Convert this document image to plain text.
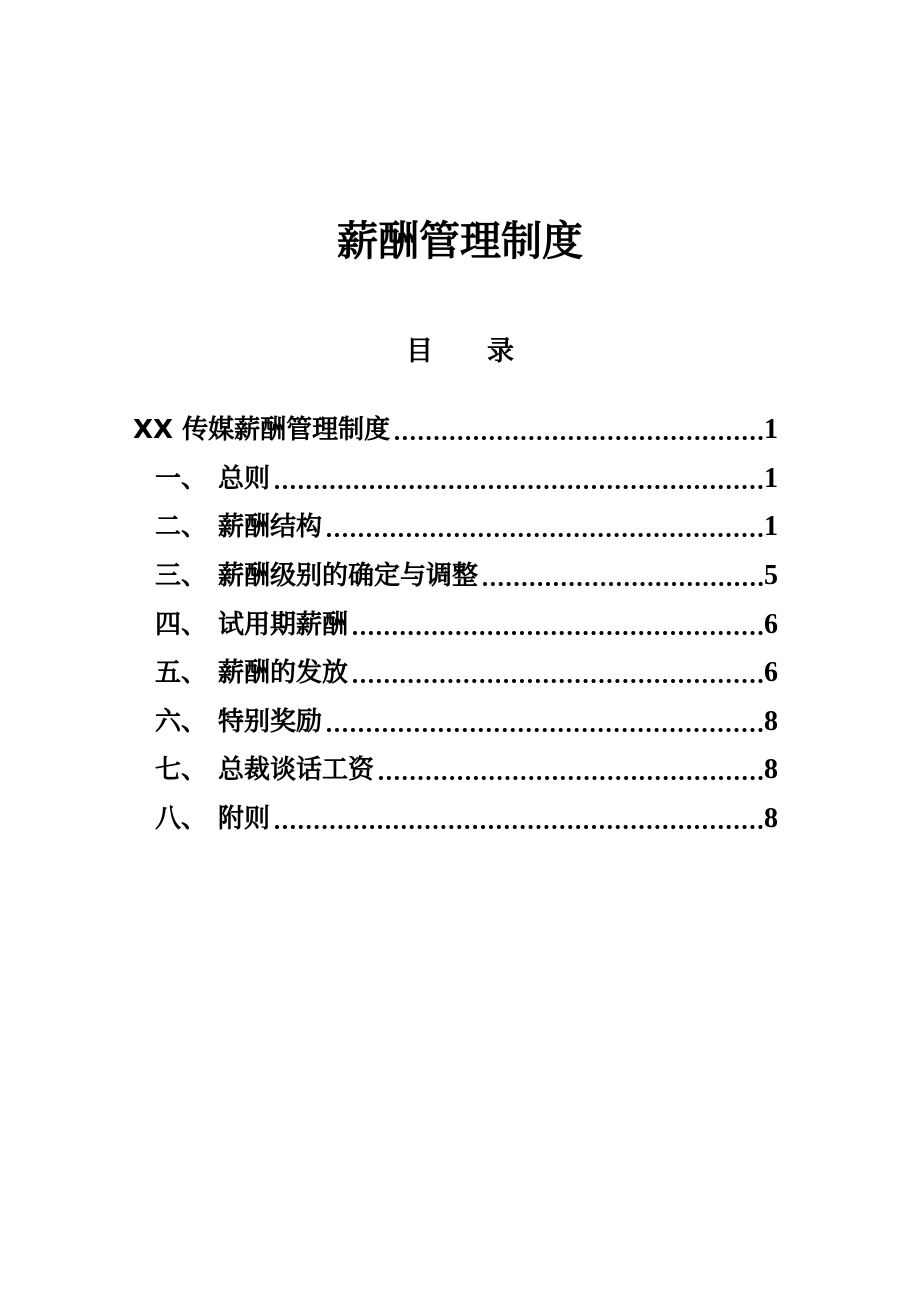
薪酬管理制度
目　　录
XX 传媒薪酬管理制度	1
一、 总则	1
二、 薪酬结构	1
三、 薪酬级别的确定与调整	5
四、 试用期薪酬	6
五、 薪酬的发放	6
六、 特别奖励	8
七、 总裁谈话工资	8
八、 附则	8
